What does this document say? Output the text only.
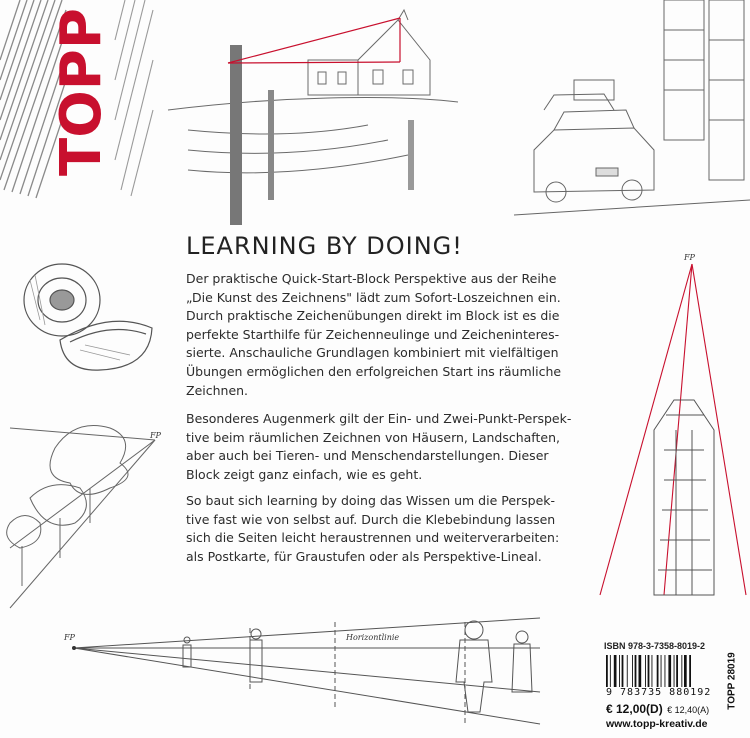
TOPP
FP
FP
FP	Horizontlinie
LEARNING BY DOING!
Der praktische Quick-Start-Block Perspektive aus der Reihe
„Die Kunst des Zeichnens" lädt zum Sofort-Loszeichnen ein.
Durch praktische Zeichenübungen direkt im Block ist es die
perfekte Starthilfe für Zeichenneulinge und Zeicheninteres-
sierte. Anschauliche Grundlagen kombiniert mit vielfältigen
Übungen ermöglichen den erfolgreichen Start ins räumliche
Zeichnen.
Besonderes Augenmerk gilt der Ein- und Zwei-Punkt-Perspek-
tive beim räumlichen Zeichnen von Häusern, Landschaften,
aber auch bei Tieren- und Menschendarstellungen. Dieser
Block zeigt ganz einfach, wie es geht.
So baut sich learning by doing das Wissen um die Perspek-
tive fast wie von selbst auf. Durch die Klebebindung lassen
sich die Seiten leicht heraustrennen und weiterverarbeiten:
als Postkarte, für Graustufen oder als Perspektive-Lineal.
ISBN 978-3-7358-8019-2
9 783735 880192
€ 12,00(D) € 12,40(A)
www.topp-kreativ.de
TOPP 28019
